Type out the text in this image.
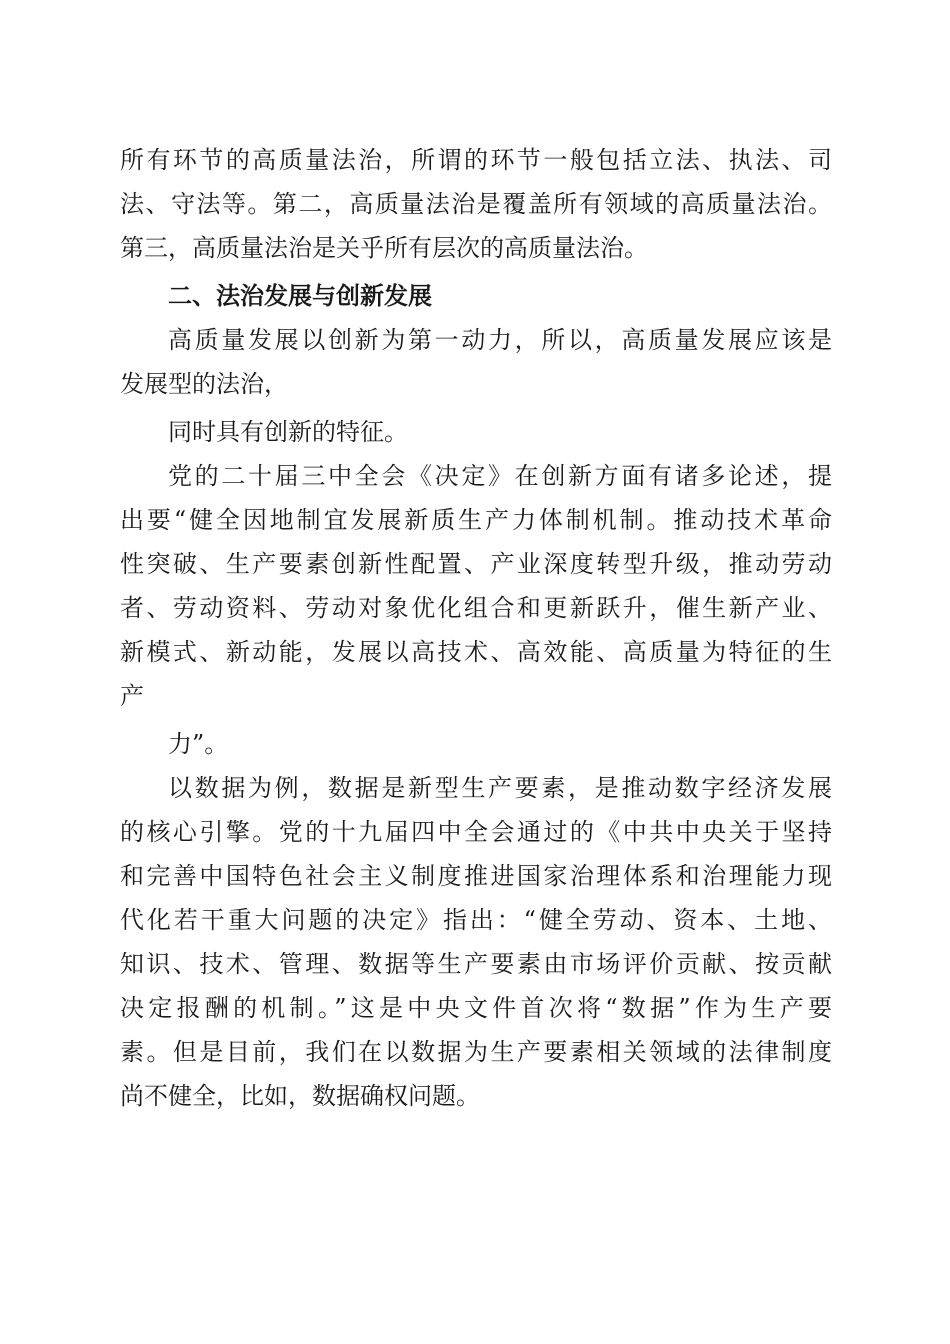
所有环节的高质量法治，所谓的环节一般包括立法、执法、司
法、守法等。第二，高质量法治是覆盖所有领域的高质量法治。
第三，高质量法治是关乎所有层次的高质量法治。
二、法治发展与创新发展
高质量发展以创新为第一动力，所以，高质量发展应该是
发展型的法治，
同时具有创新的特征。
党的二十届三中全会《决定》在创新方面有诸多论述，提
出要“健全因地制宜发展新质生产力体制机制。推动技术革命
性突破、生产要素创新性配置、产业深度转型升级，推动劳动
者、劳动资料、劳动对象优化组合和更新跃升，催生新产业、
新模式、新动能，发展以高技术、高效能、高质量为特征的生
产
力”。
以数据为例，数据是新型生产要素，是推动数字经济发展
的核心引擎。党的十九届四中全会通过的《中共中央关于坚持
和完善中国特色社会主义制度推进国家治理体系和治理能力现
代化若干重大问题的决定》指出：“健全劳动、资本、土地、
知识、技术、管理、数据等生产要素由市场评价贡献、按贡献
决定报酬的机制。”这是中央文件首次将“数据”作为生产要
素。但是目前，我们在以数据为生产要素相关领域的法律制度
尚不健全，比如，数据确权问题。
